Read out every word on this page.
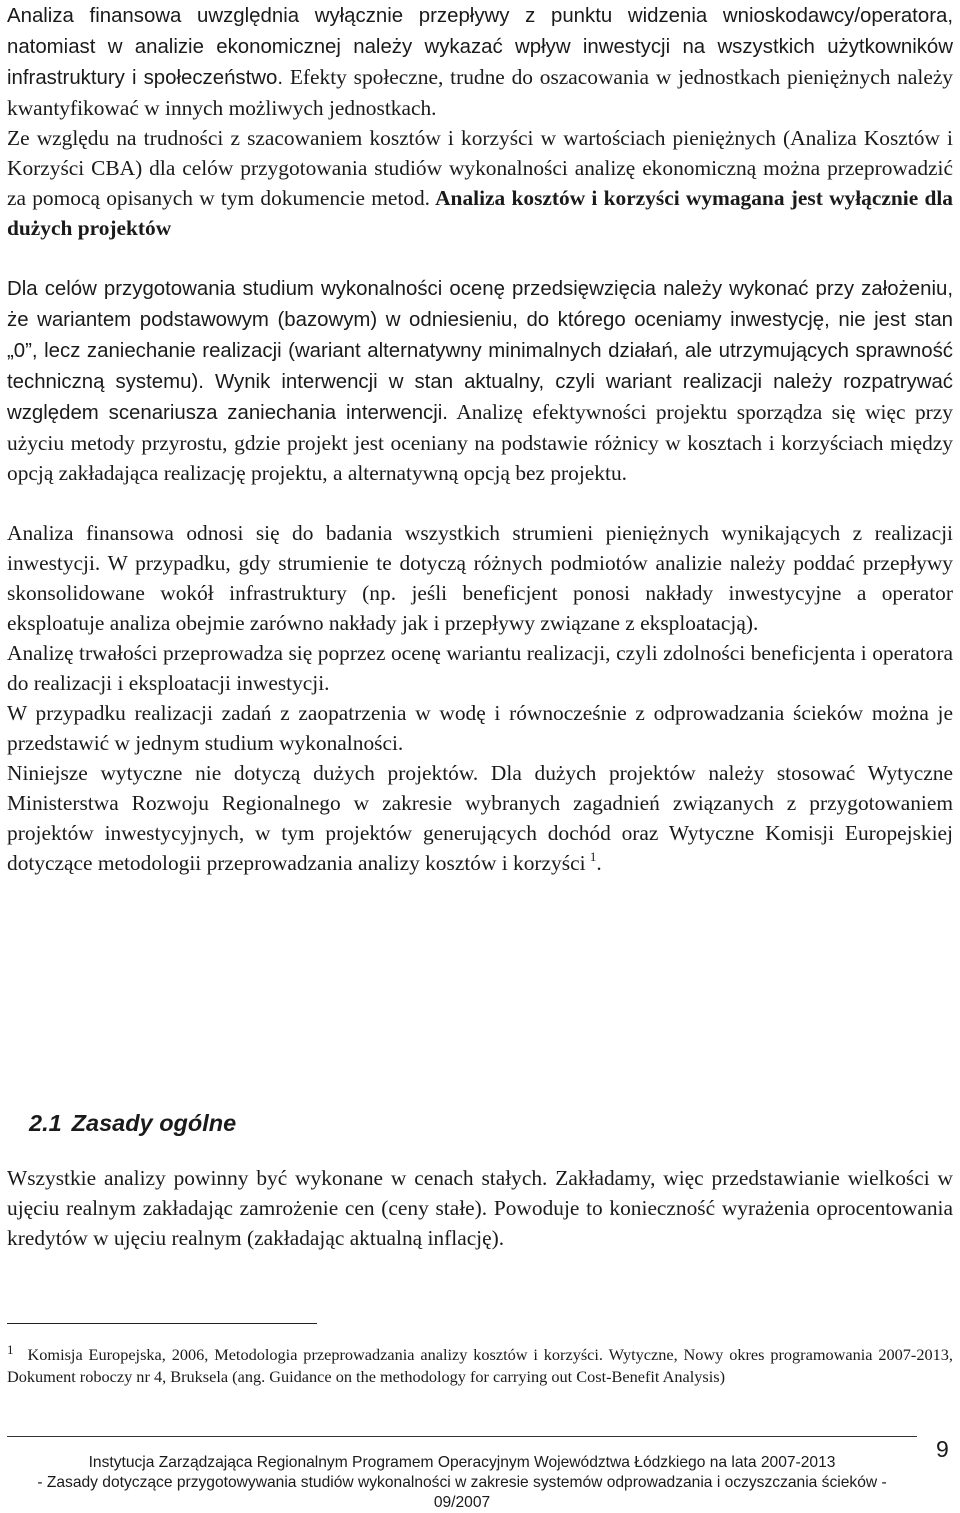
Analiza finansowa uwzględnia wyłącznie przepływy z punktu widzenia wnioskodawcy/operatora, natomiast w analizie ekonomicznej należy wykazać wpływ inwestycji na wszystkich użytkowników infrastruktury i społeczeństwo. Efekty społeczne, trudne do oszacowania w jednostkach pieniężnych należy kwantyfikować w innych możliwych jednostkach.

Ze względu na trudności z szacowaniem kosztów i korzyści w wartościach pieniężnych (Analiza Kosztów i Korzyści CBA) dla celów przygotowania studiów wykonalności analizę ekonomiczną można przeprowadzić za pomocą opisanych w tym dokumencie metod. Analiza kosztów i korzyści wymagana jest wyłącznie dla dużych projektów

Dla celów przygotowania studium wykonalności ocenę przedsięwzięcia należy wykonać przy założeniu, że wariantem podstawowym (bazowym) w odniesieniu, do którego oceniamy inwestycję, nie jest stan „0”, lecz zaniechanie realizacji (wariant alternatywny minimalnych działań, ale utrzymujących sprawność techniczną systemu). Wynik interwencji w stan aktualny, czyli wariant realizacji należy rozpatrywać względem scenariusza zaniechania interwencji. Analizę efektywności projektu sporządza się więc przy użyciu metody przyrostu, gdzie projekt jest oceniany na podstawie różnicy w kosztach i korzyściach między opcją zakładająca realizację projektu, a alternatywną opcją bez projektu.

Analiza finansowa odnosi się do badania wszystkich strumieni pieniężnych wynikających z realizacji inwestycji. W przypadku, gdy strumienie te dotyczą różnych podmiotów analizie należy poddać przepływy skonsolidowane wokół infrastruktury (np. jeśli beneficjent ponosi nakłady inwestycyjne a operator eksploatuje analiza obejmie zarówno nakłady jak i przepływy związane z eksploatacją).

Analizę trwałości przeprowadza się poprzez ocenę wariantu realizacji, czyli zdolności beneficjenta i operatora do realizacji i eksploatacji inwestycji.

W przypadku realizacji zadań z zaopatrzenia w wodę i równocześnie z odprowadzania ścieków można je przedstawić w jednym studium wykonalności.

Niniejsze wytyczne nie dotyczą dużych projektów. Dla dużych projektów należy stosować Wytyczne Ministerstwa Rozwoju Regionalnego w zakresie wybranych zagadnień związanych z przygotowaniem projektów inwestycyjnych, w tym projektów generujących dochód oraz Wytyczne Komisji Europejskiej dotyczące metodologii przeprowadzania analizy kosztów i korzyści  $^1$.

2.1 Zasady ogólne

Wszystkie analizy powinny być wykonane w cenach stałych. Zakładamy, więc przedstawianie wielkości w ujęciu realnym zakładając zamrożenie cen (ceny stałe). Powoduje to konieczność wyrażenia oprocentowania kredytów w ujęciu realnym (zakładając aktualną inflację).

$^1$ Komisja Europejska, 2006, Metodologia przeprowadzania analizy kosztów i korzyści. Wytyczne, Nowy okres programowania 2007-2013, Dokument roboczy nr 4, Bruksela (ang. Guidance on the methodology for carrying out Cost-Benefit Analysis)

Instytucja Zarządzająca Regionalnym Programem Operacyjnym Województwa Łódzkiego na lata 2007-2013
- Zasady dotyczące przygotowywania studiów wykonalności w zakresie systemów odprowadzania i oczyszczania ścieków - 09/2007

9
